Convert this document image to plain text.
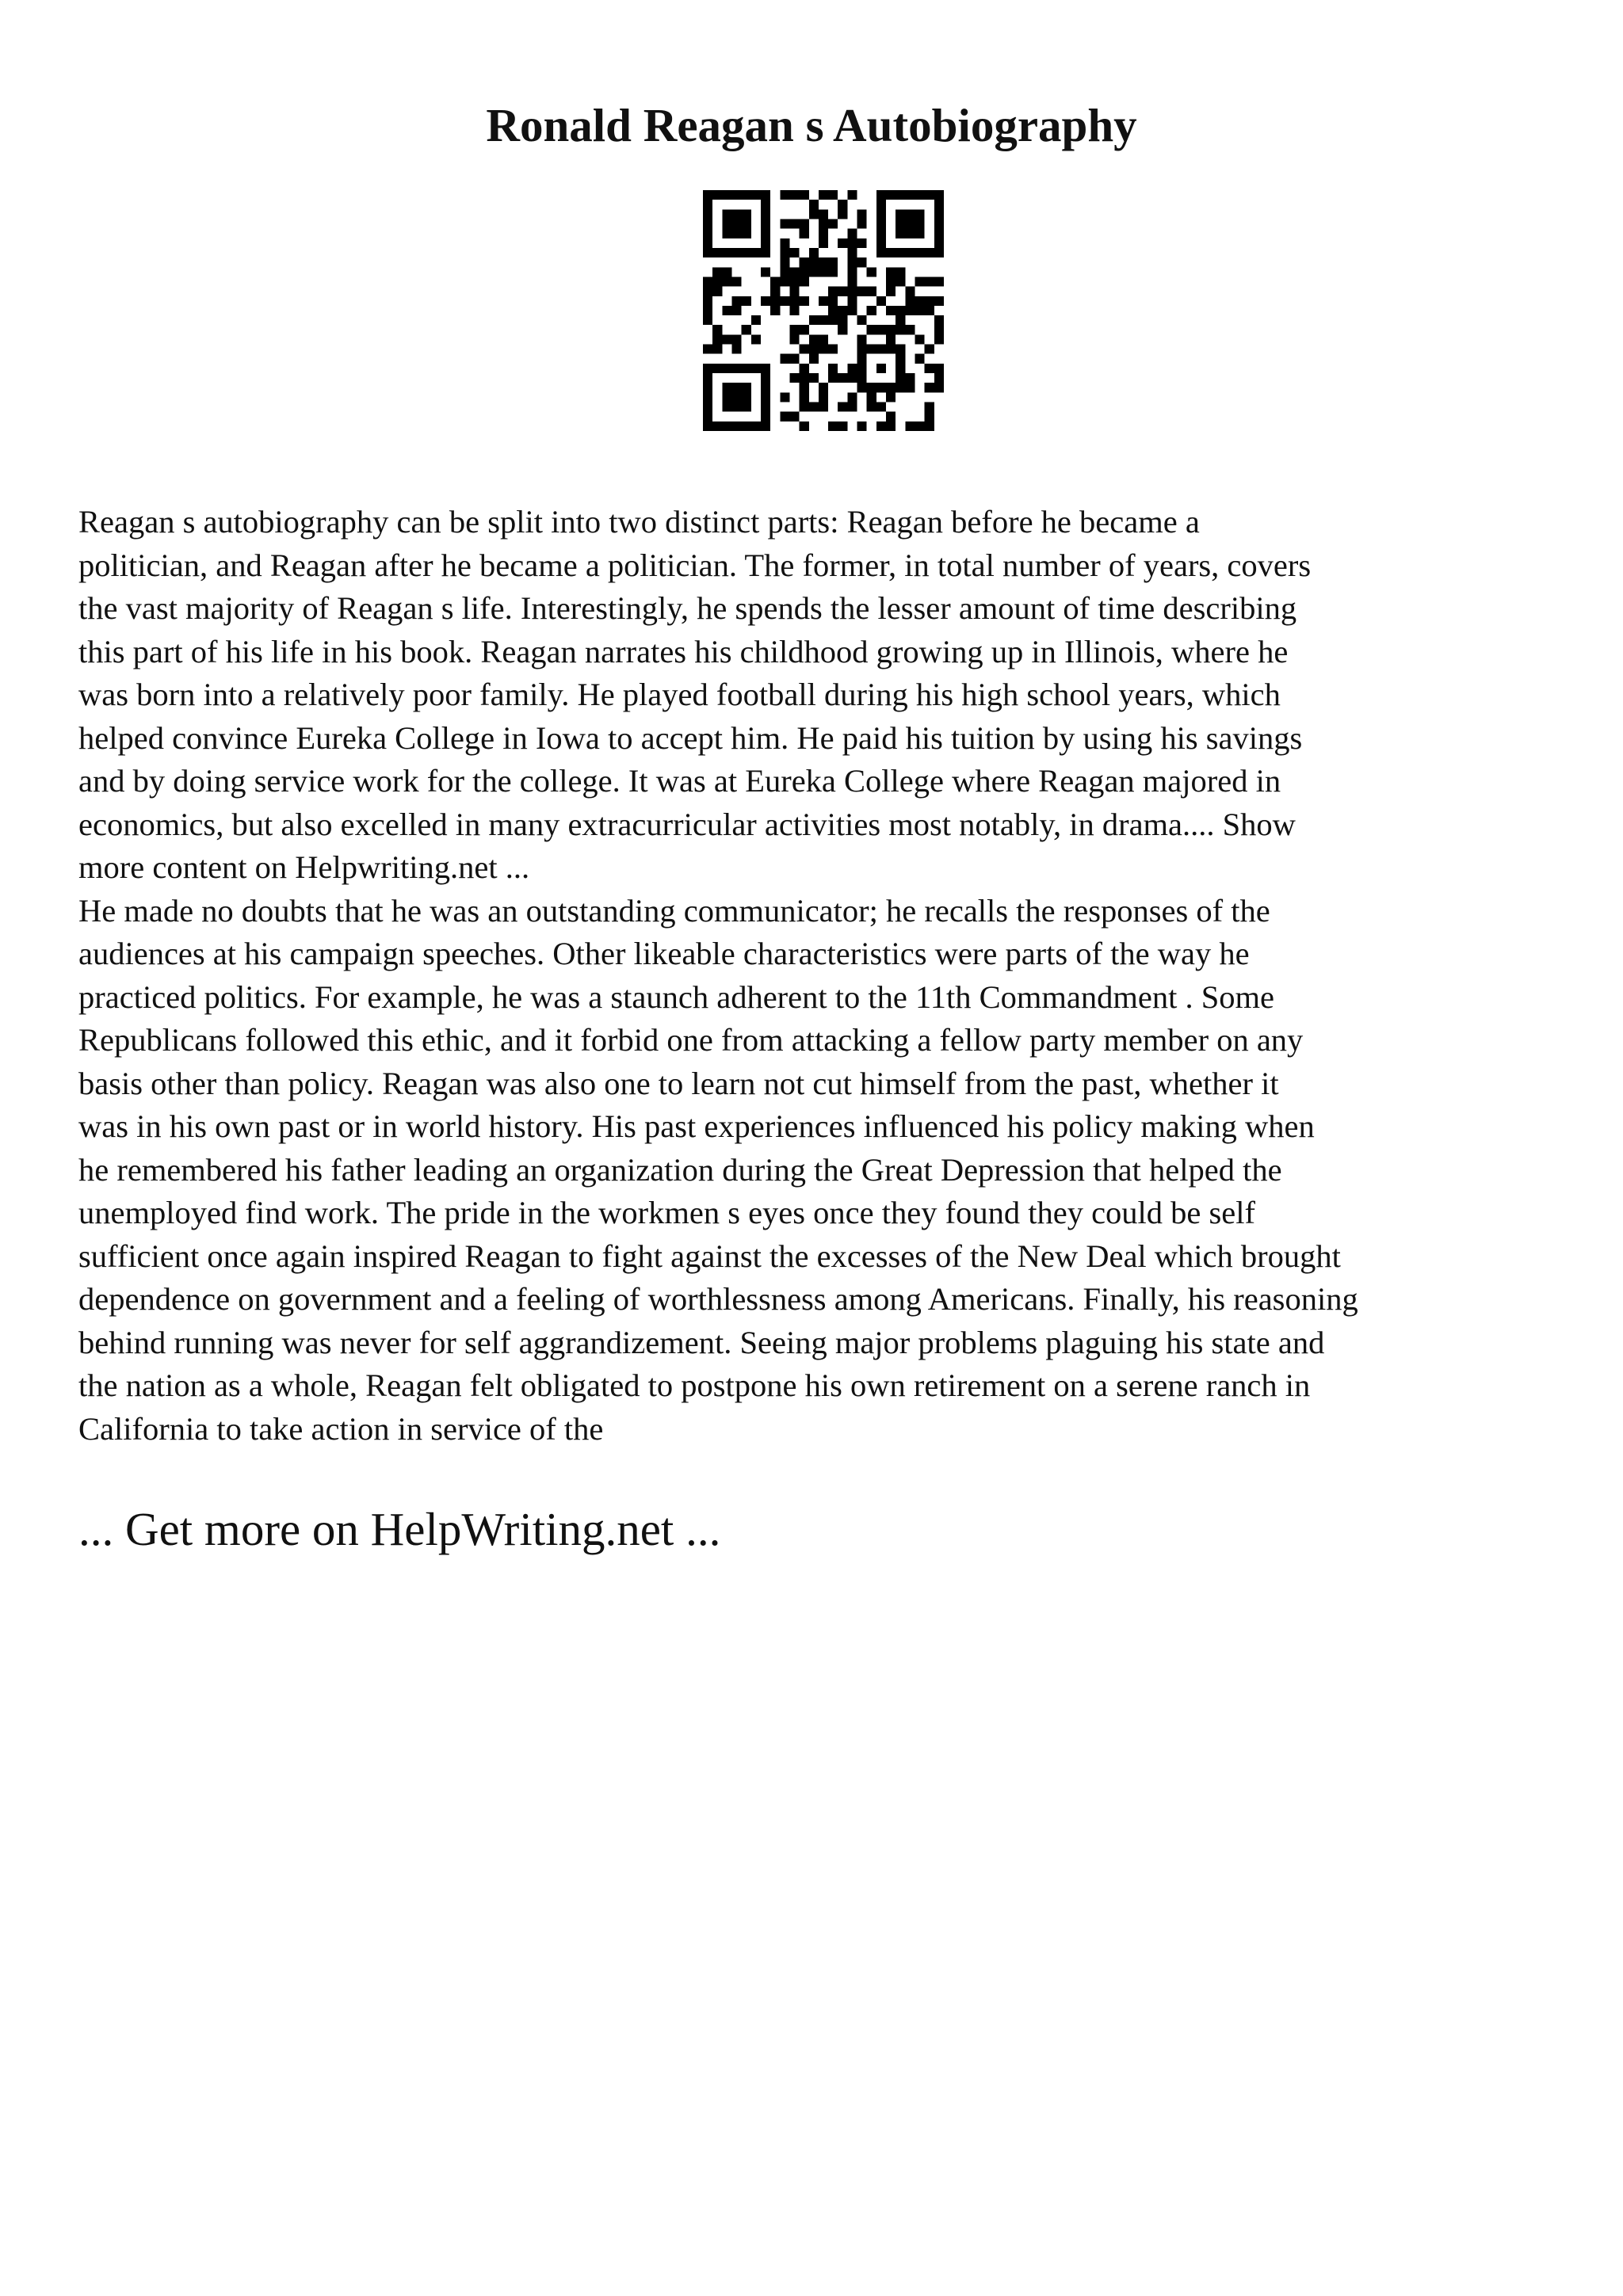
Ronald Reagan s Autobiography

Reagan s autobiography can be split into two distinct parts: Reagan before he became a
politician, and Reagan after he became a politician. The former, in total number of years, covers
the vast majority of Reagan s life. Interestingly, he spends the lesser amount of time describing
this part of his life in his book. Reagan narrates his childhood growing up in Illinois, where he
was born into a relatively poor family. He played football during his high school years, which
helped convince Eureka College in Iowa to accept him. He paid his tuition by using his savings
and by doing service work for the college. It was at Eureka College where Reagan majored in
economics, but also excelled in many extracurricular activities most notably, in drama.... Show
more content on Helpwriting.net ...

He made no doubts that he was an outstanding communicator; he recalls the responses of the
audiences at his campaign speeches. Other likeable characteristics were parts of the way he
practiced politics. For example, he was a staunch adherent to the 11th Commandment . Some
Republicans followed this ethic, and it forbid one from attacking a fellow party member on any
basis other than policy. Reagan was also one to learn not cut himself from the past, whether it
was in his own past or in world history. His past experiences influenced his policy making when
he remembered his father leading an organization during the Great Depression that helped the
unemployed find work. The pride in the workmen s eyes once they found they could be self
sufficient once again inspired Reagan to fight against the excesses of the New Deal which brought
dependence on government and a feeling of worthlessness among Americans. Finally, his reasoning
behind running was never for self aggrandizement. Seeing major problems plaguing his state and
the nation as a whole, Reagan felt obligated to postpone his own retirement on a serene ranch in
California to take action in service of the

... Get more on HelpWriting.net ...
